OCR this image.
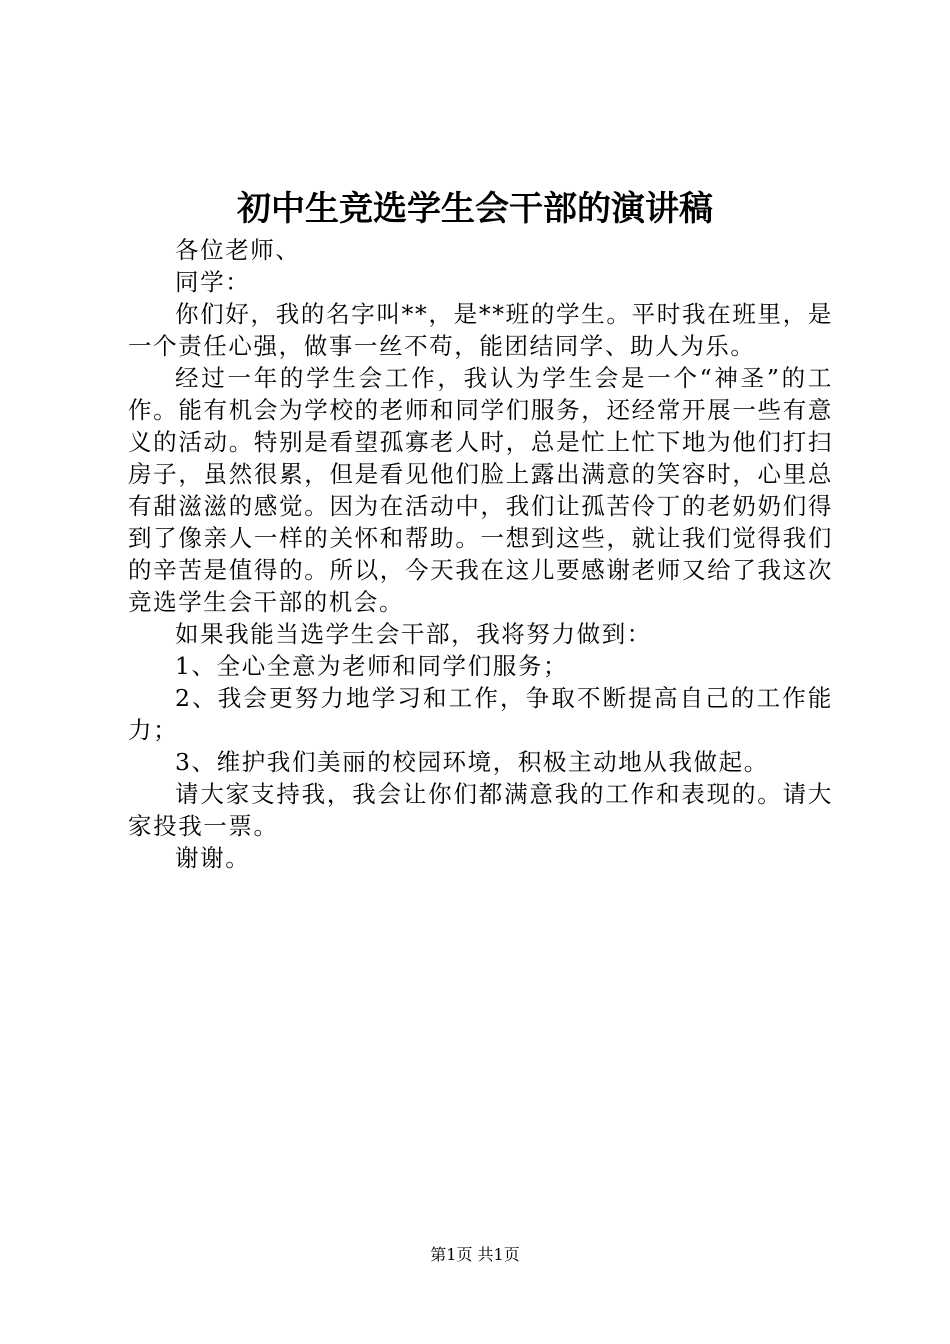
初中生竞选学生会干部的演讲稿

各位老师、

同学：

你们好，我的名字叫**，是**班的学生。平时我在班里，是一个责任心强，做事一丝不苟，能团结同学、助人为乐。

经过一年的学生会工作，我认为学生会是一个“神圣”的工作。能有机会为学校的老师和同学们服务，还经常开展一些有意义的活动。特别是看望孤寡老人时，总是忙上忙下地为他们打扫房子，虽然很累，但是看见他们脸上露出满意的笑容时，心里总有甜滋滋的感觉。因为在活动中，我们让孤苦伶丁的老奶奶们得到了像亲人一样的关怀和帮助。一想到这些，就让我们觉得我们的辛苦是值得的。所以，今天我在这儿要感谢老师又给了我这次竞选学生会干部的机会。

如果我能当选学生会干部，我将努力做到：

1、全心全意为老师和同学们服务；

2、我会更努力地学习和工作，争取不断提高自己的工作能力；

3、维护我们美丽的校园环境，积极主动地从我做起。

请大家支持我，我会让你们都满意我的工作和表现的。请大家投我一票。

谢谢。

第1页 共1页
